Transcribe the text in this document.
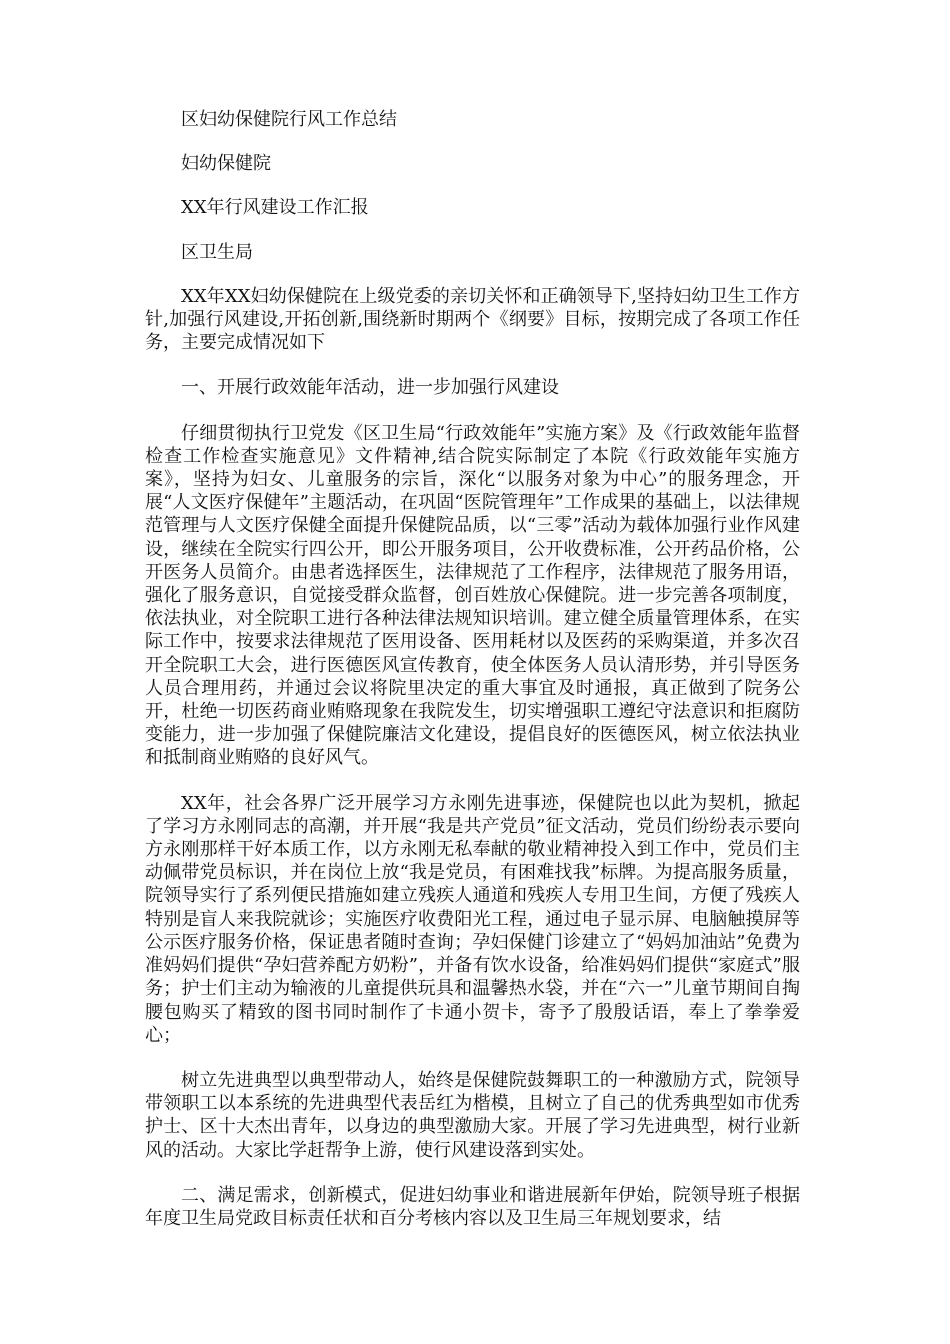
区妇幼保健院行风工作总结

妇幼保健院

XX年行风建设工作汇报

区卫生局

XX年XX妇幼保健院在上级党委的亲切关怀和正确领导下,坚持妇幼卫生工作方针,加强行风建设,开拓创新,围绕新时期两个《纲要》目标，按期完成了各项工作任务，主要完成情况如下

一、开展行政效能年活动，进一步加强行风建设

仔细贯彻执行卫党发《区卫生局“行政效能年”实施方案》及《行政效能年监督检查工作检查实施意见》文件精神,结合院实际制定了本院《行政效能年实施方案》，坚持为妇女、儿童服务的宗旨，深化“以服务对象为中心”的服务理念，开展“人文医疗保健年”主题活动，在巩固“医院管理年”工作成果的基础上，以法律规范管理与人文医疗保健全面提升保健院品质，以“三零”活动为载体加强行业作风建设，继续在全院实行四公开，即公开服务项目，公开收费标准，公开药品价格，公开医务人员简介。由患者选择医生，法律规范了工作程序，法律规范了服务用语，强化了服务意识，自觉接受群众监督，创百姓放心保健院。进一步完善各项制度，依法执业，对全院职工进行各种法律法规知识培训。建立健全质量管理体系，在实际工作中，按要求法律规范了医用设备、医用耗材以及医药的采购渠道，并多次召开全院职工大会，进行医德医风宣传教育，使全体医务人员认清形势，并引导医务人员合理用药，并通过会议将院里决定的重大事宜及时通报，真正做到了院务公开，杜绝一切医药商业贿赂现象在我院发生，切实增强职工遵纪守法意识和拒腐防变能力，进一步加强了保健院廉洁文化建设，提倡良好的医德医风，树立依法执业和抵制商业贿赂的良好风气。

XX年，社会各界广泛开展学习方永刚先进事迹，保健院也以此为契机，掀起了学习方永刚同志的高潮，并开展“我是共产党员”征文活动，党员们纷纷表示要向方永刚那样干好本质工作，以方永刚无私奉献的敬业精神投入到工作中，党员们主动佩带党员标识，并在岗位上放“我是党员，有困难找我”标牌。为提高服务质量，院领导实行了系列便民措施如建立残疾人通道和残疾人专用卫生间，方便了残疾人特别是盲人来我院就诊；实施医疗收费阳光工程，通过电子显示屏、电脑触摸屏等公示医疗服务价格，保证患者随时查询；孕妇保健门诊建立了“妈妈加油站”免费为准妈妈们提供“孕妇营养配方奶粉”，并备有饮水设备，给准妈妈们提供“家庭式”服务；护士们主动为输液的儿童提供玩具和温馨热水袋，并在“六一”儿童节期间自掏腰包购买了精致的图书同时制作了卡通小贺卡，寄予了殷殷话语，奉上了拳拳爱心；

树立先进典型以典型带动人，始终是保健院鼓舞职工的一种激励方式，院领导带领职工以本系统的先进典型代表岳红为楷模，且树立了自己的优秀典型如市优秀护士、区十大杰出青年，以身边的典型激励大家。开展了学习先进典型，树行业新风的活动。大家比学赶帮争上游，使行风建设落到实处。

二、满足需求，创新模式，促进妇幼事业和谐进展新年伊始，院领导班子根据年度卫生局党政目标责任状和百分考核内容以及卫生局三年规划要求，结
